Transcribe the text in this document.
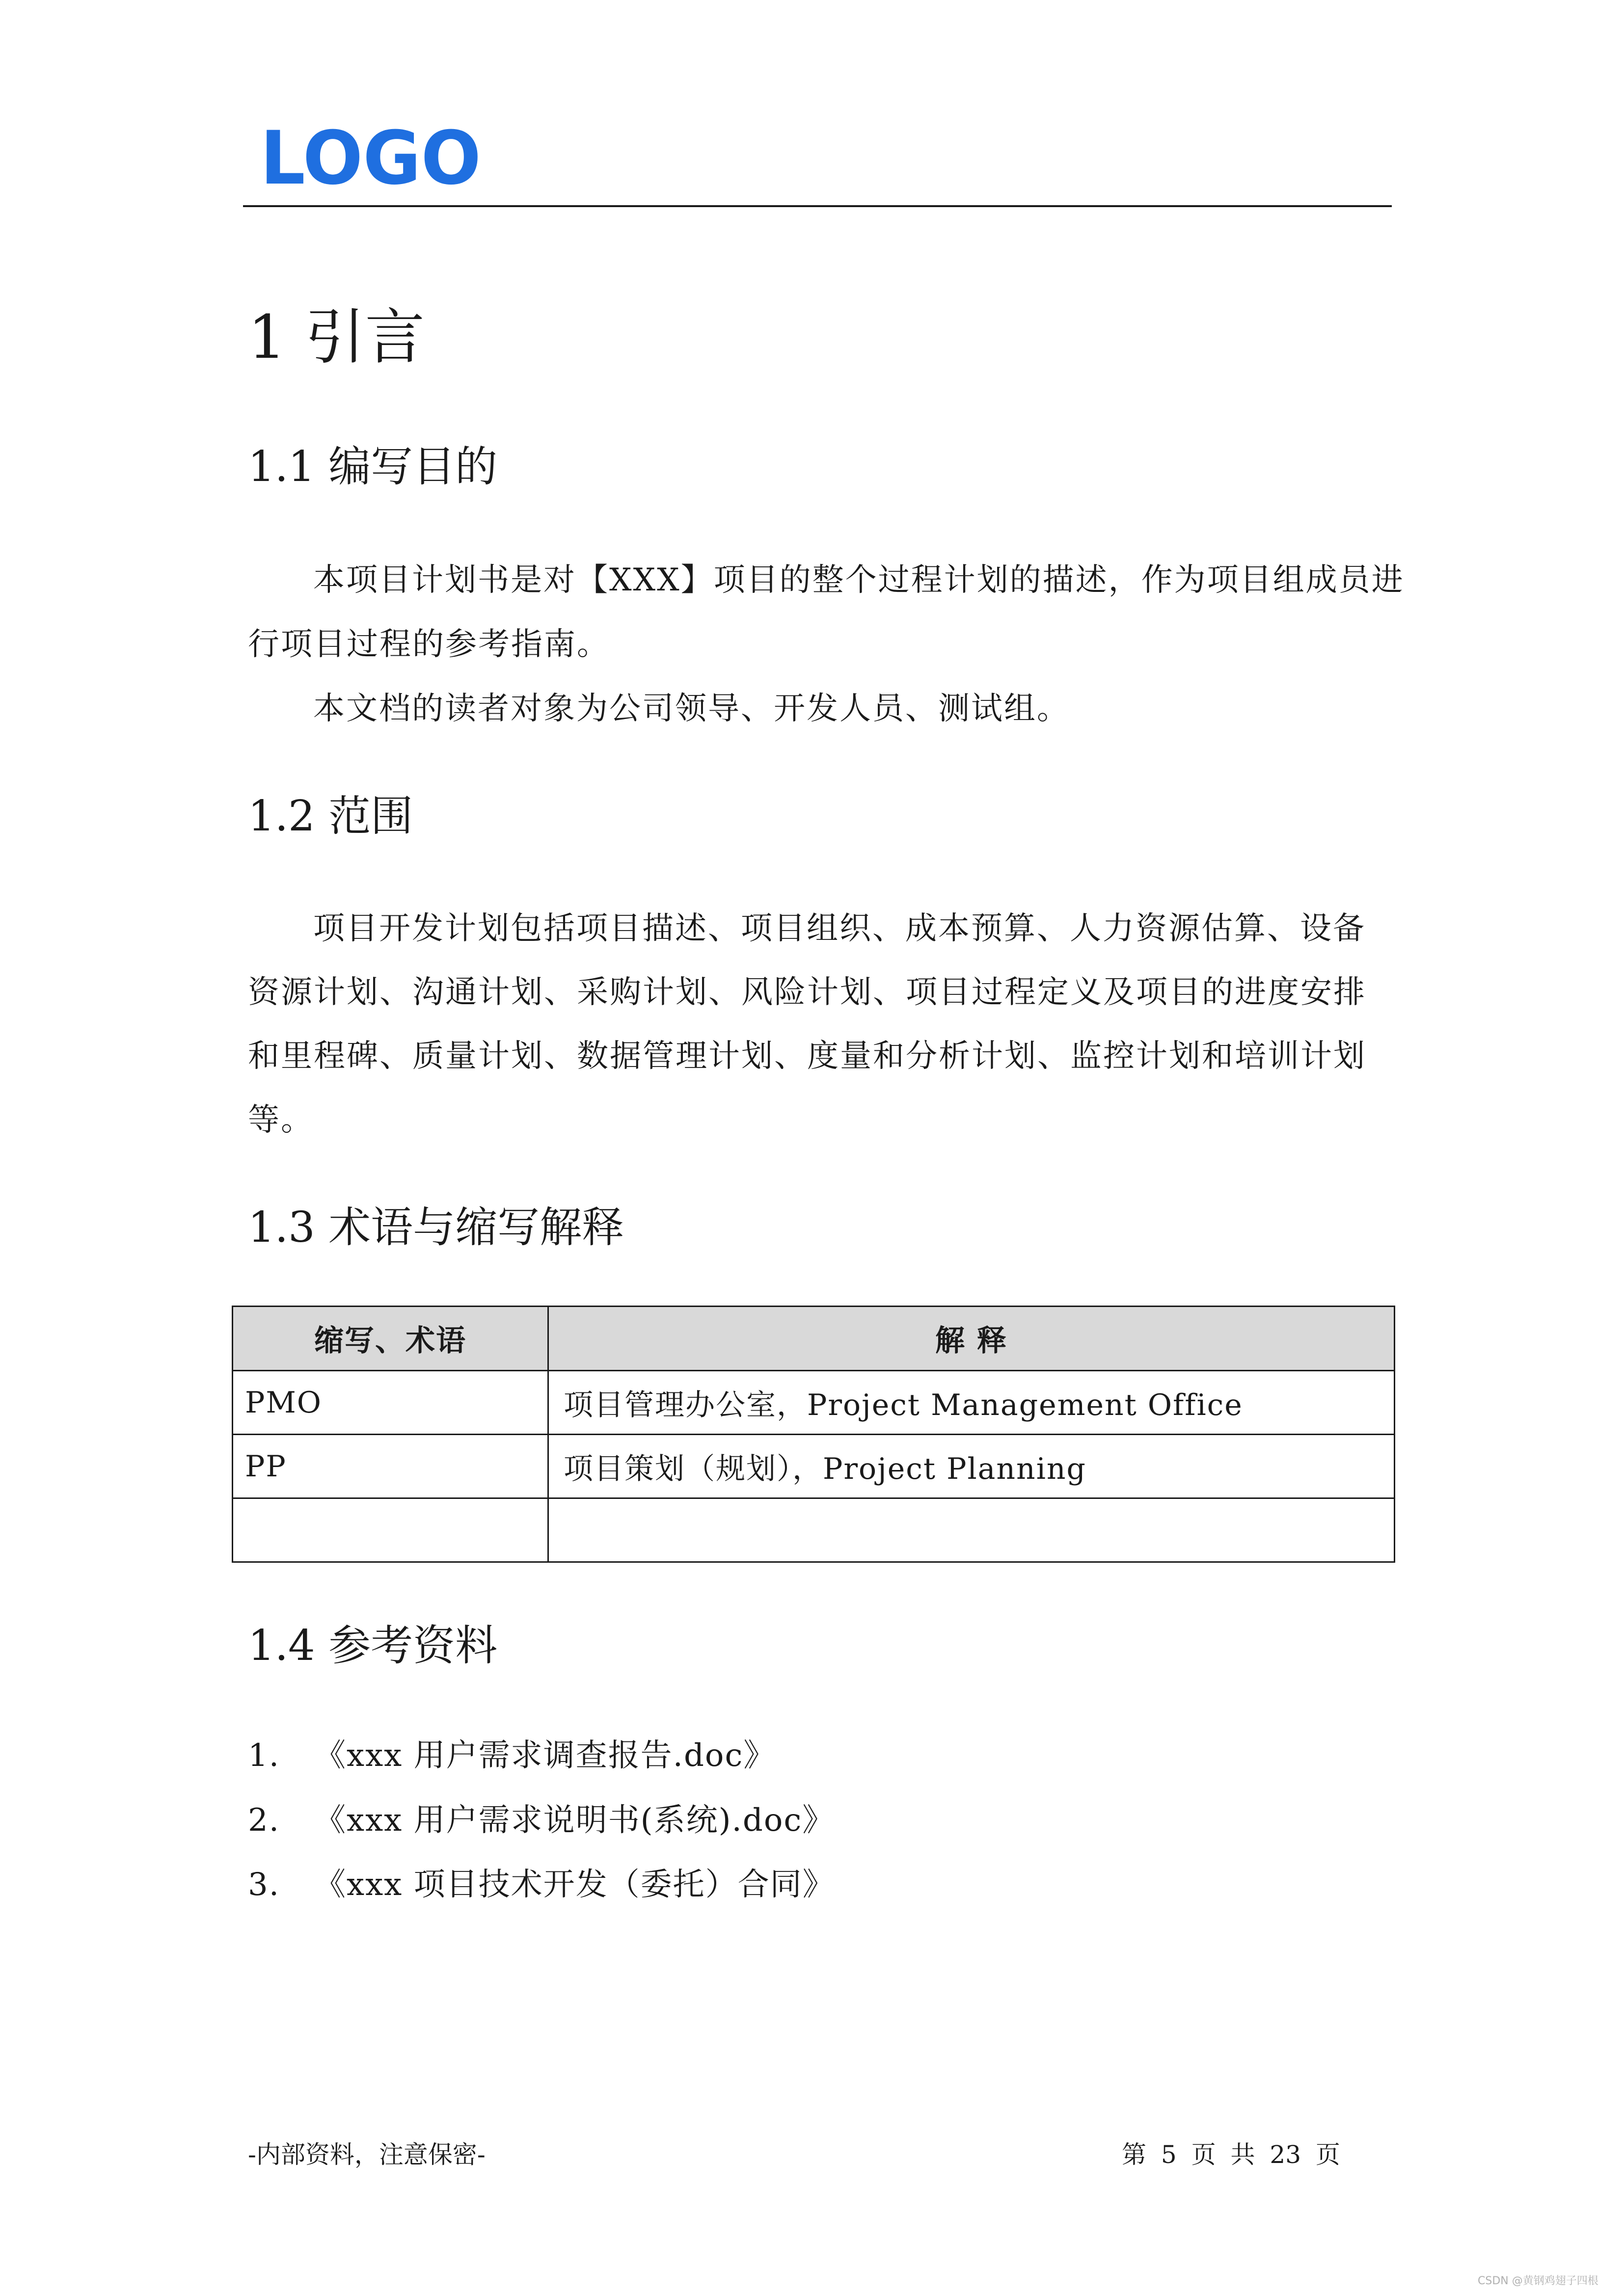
LOGO
1 引言
1.1 编写目的
本项目计划书是对【XXX】项目的整个过程计划的描述，作为项目组成员进
行项目过程的参考指南。
本文档的读者对象为公司领导、开发人员、测试组。
1.2 范围
项目开发计划包括项目描述、项目组织、成本预算、人力资源估算、设备
资源计划、沟通计划、采购计划、风险计划、项目过程定义及项目的进度安排
和里程碑、质量计划、数据管理计划、度量和分析计划、监控计划和培训计划
等。
1.3 术语与缩写解释
缩写、术语	解 释
PMO	项目管理办公室，Project Management Office
PP	项目策划（规划），Project Planning

1.4 参考资料
1. 《xxx 用户需求调查报告.doc》
2. 《xxx 用户需求说明书(系统).doc》
3. 《xxx 项目技术开发（委托）合同》
-内部资料，注意保密-	第 5 页 共 23 页
CSDN @黄钢鸡翅子四根
